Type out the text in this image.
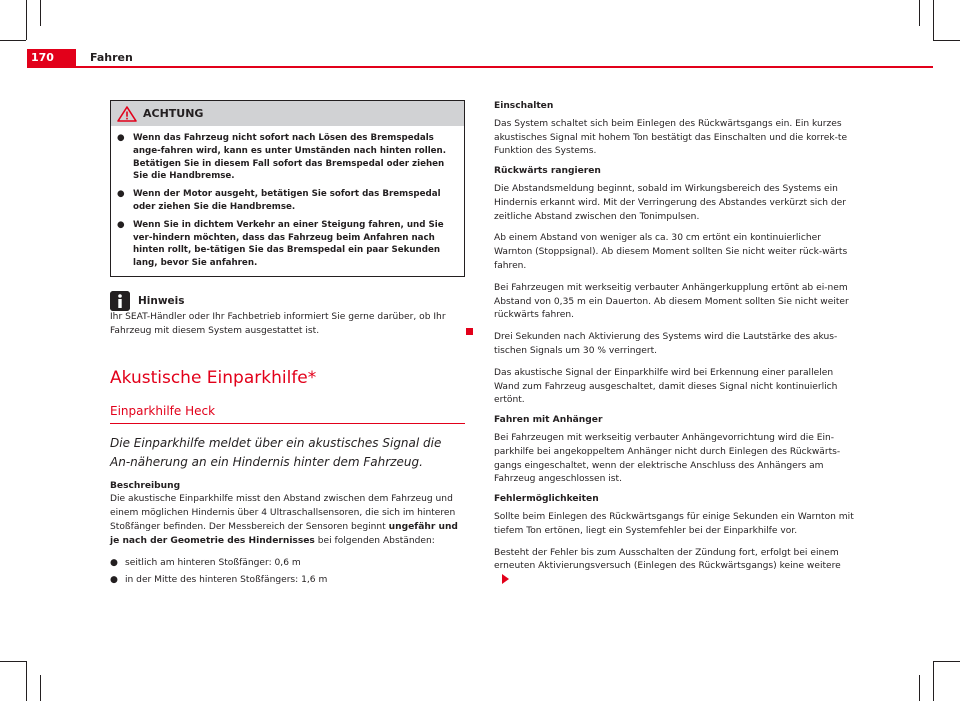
170	Fahren
ACHTUNG
● Wenn das Fahrzeug nicht sofort nach Lösen des Bremspedals ange-fahren wird, kann es unter Umständen nach hinten rollen. Betätigen Sie in diesem Fall sofort das Bremspedal oder ziehen Sie die Handbremse.
● Wenn der Motor ausgeht, betätigen Sie sofort das Bremspedal oder ziehen Sie die Handbremse.
● Wenn Sie in dichtem Verkehr an einer Steigung fahren, und Sie ver-hindern möchten, dass das Fahrzeug beim Anfahren nach hinten rollt, be-tätigen Sie das Bremspedal ein paar Sekunden lang, bevor Sie anfahren.
Hinweis

Ihr SEAT-Händler oder Ihr Fachbetrieb informiert Sie gerne darüber, ob Ihr Fahrzeug mit diesem System ausgestattet ist.

Akustische Einparkhilfe*
Einparkhilfe Heck

Die Einparkhilfe meldet über ein akustisches Signal die An-näherung an ein Hindernis hinter dem Fahrzeug.

Beschreibung

Die akustische Einparkhilfe misst den Abstand zwischen dem Fahrzeug und einem möglichen Hindernis über 4 Ultraschallsensoren, die sich im hinteren Stoßfänger befinden. Der Messbereich der Sensoren beginnt ungefähr und je nach der Geometrie des Hindernisses bei folgenden Abständen:

● seitlich am hinteren Stoßfänger: 0,6 m

● in der Mitte des hinteren Stoßfängers: 1,6 m

Einschalten

Das System schaltet sich beim Einlegen des Rückwärtsgangs ein. Ein kurzes akustisches Signal mit hohem Ton bestätigt das Einschalten und die korrek-te Funktion des Systems.

Rückwärts rangieren

Die Abstandsmeldung beginnt, sobald im Wirkungsbereich des Systems ein Hindernis erkannt wird. Mit der Verringerung des Abstandes verkürzt sich der zeitliche Abstand zwischen den Tonimpulsen.

Ab einem Abstand von weniger als ca. 30 cm ertönt ein kontinuierlicher Warnton (Stoppsignal). Ab diesem Moment sollten Sie nicht weiter rück-wärts fahren.

Bei Fahrzeugen mit werkseitig verbauter Anhängerkupplung ertönt ab ei-nem Abstand von 0,35 m ein Dauerton. Ab diesem Moment sollten Sie nicht weiter rückwärts fahren.

Drei Sekunden nach Aktivierung des Systems wird die Lautstärke des akus-tischen Signals um 30 % verringert.

Das akustische Signal der Einparkhilfe wird bei Erkennung einer parallelen Wand zum Fahrzeug ausgeschaltet, damit dieses Signal nicht kontinuierlich ertönt.

Fahren mit Anhänger

Bei Fahrzeugen mit werkseitig verbauter Anhängevorrichtung wird die Ein-parkhilfe bei angekoppeltem Anhänger nicht durch Einlegen des Rückwärts-gangs eingeschaltet, wenn der elektrische Anschluss des Anhängers am Fahrzeug angeschlossen ist.

Fehlermöglichkeiten

Sollte beim Einlegen des Rückwärtsgangs für einige Sekunden ein Warnton mit tiefem Ton ertönen, liegt ein Systemfehler bei der Einparkhilfe vor.

Besteht der Fehler bis zum Ausschalten der Zündung fort, erfolgt bei einem erneuten Aktivierungsversuch (Einlegen des Rückwärtsgangs) keine weitere
